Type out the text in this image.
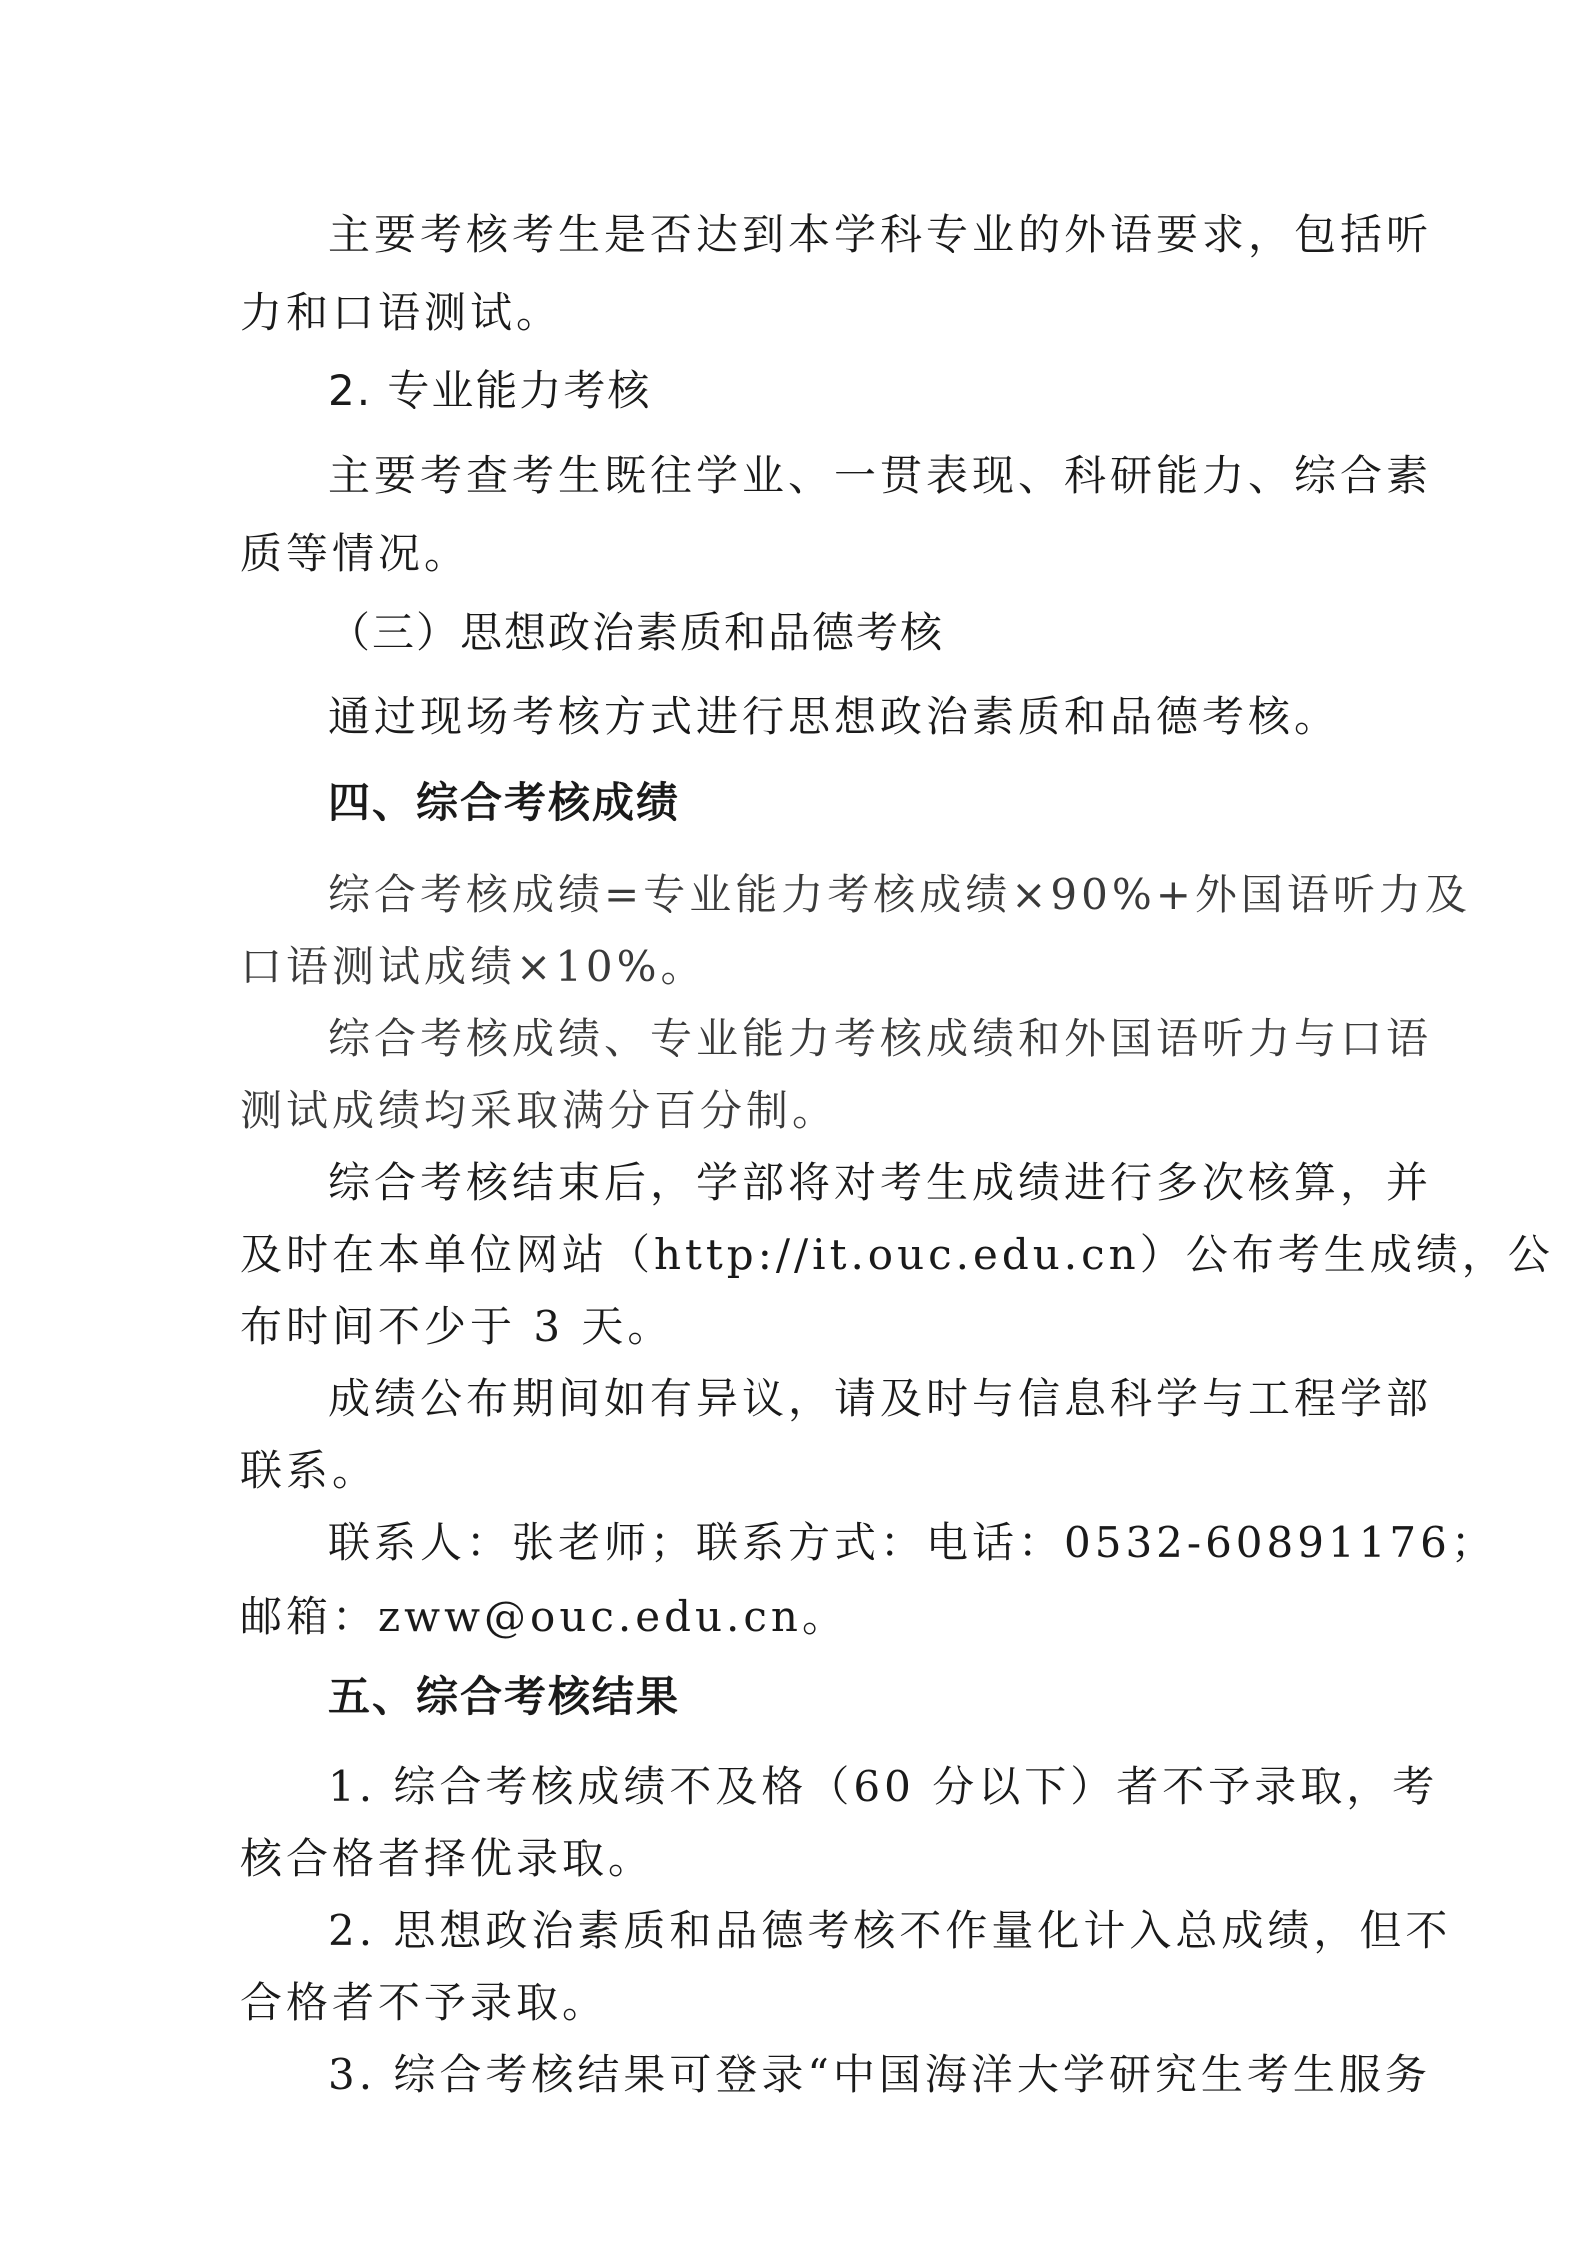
主要考核考生是否达到本学科专业的外语要求，包括听
力和口语测试。
2. 专业能力考核
主要考查考生既往学业、一贯表现、科研能力、综合素
质等情况。
（三）思想政治素质和品德考核
通过现场考核方式进行思想政治素质和品德考核。
四、综合考核成绩
综合考核成绩=专业能力考核成绩×90%+外国语听力及
口语测试成绩×10%。
综合考核成绩、专业能力考核成绩和外国语听力与口语
测试成绩均采取满分百分制。
综合考核结束后，学部将对考生成绩进行多次核算，并
及时在本单位网站（http://it.ouc.edu.cn）公布考生成绩，公
布时间不少于 3 天。
成绩公布期间如有异议，请及时与信息科学与工程学部
联系。
联系人：张老师；联系方式：电话：0532-60891176；
邮箱：zww@ouc.edu.cn。
五、综合考核结果
1. 综合考核成绩不及格（60 分以下）者不予录取，考
核合格者择优录取。
2. 思想政治素质和品德考核不作量化计入总成绩，但不
合格者不予录取。
3. 综合考核结果可登录“中国海洋大学研究生考生服务
